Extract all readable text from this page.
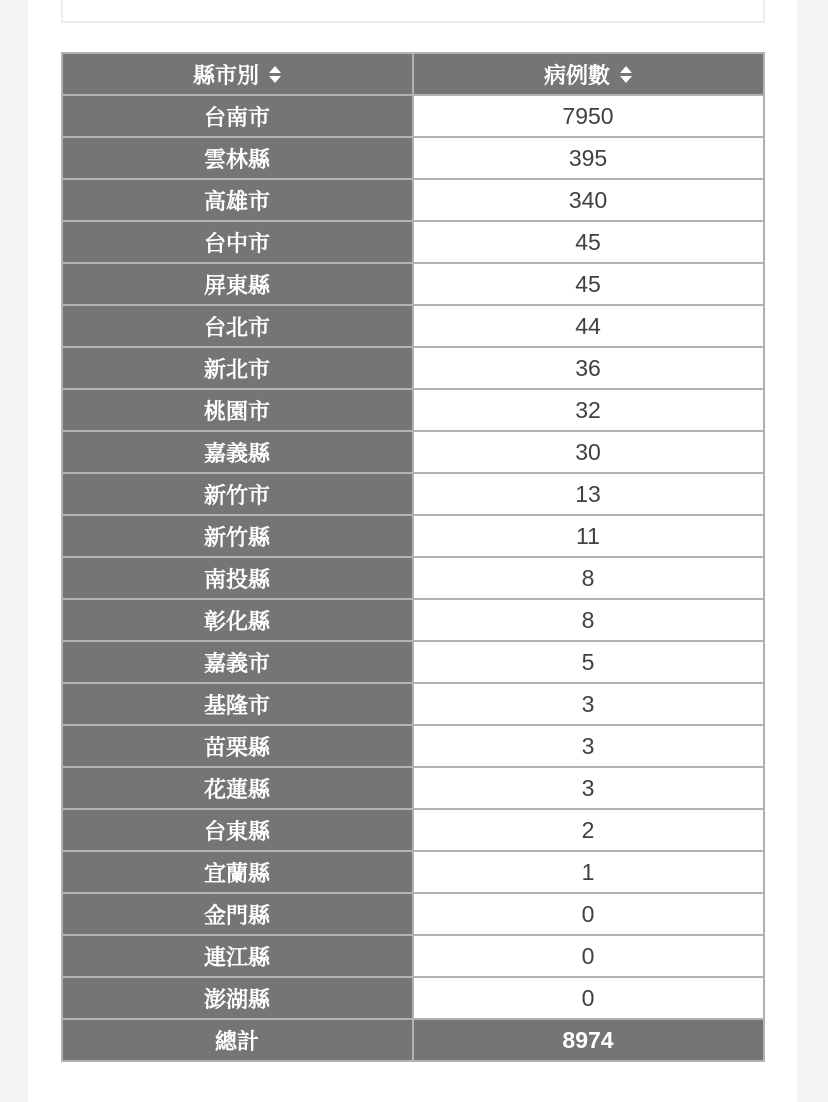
縣市別	病例數

台南市	7950
雲林縣	395
高雄市	340
台中市	45
屏東縣	45
台北市	44
新北市	36
桃園市	32
嘉義縣	30
新竹市	13
新竹縣	11
南投縣	8
彰化縣	8
嘉義市	5
基隆市	3
苗栗縣	3
花蓮縣	3
台東縣	2
宜蘭縣	1
金門縣	0
連江縣	0
澎湖縣	0
總計	8974
